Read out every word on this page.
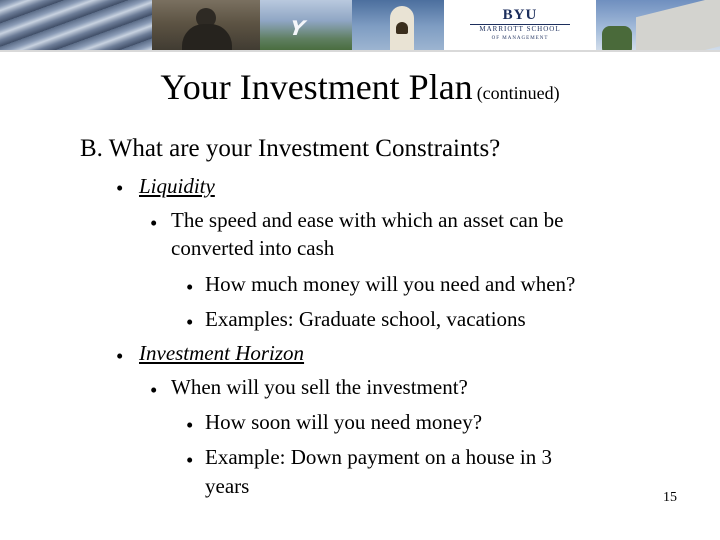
Y
BYU
MARRIOTT SCHOOL
OF MANAGEMENT
Your Investment Plan (continued)
B. What are your Investment Constraints?
• Liquidity
• The speed and ease with which an asset can be
converted into cash
• How much money will you need and when?
• Examples: Graduate school, vacations
• Investment Horizon
• When will you sell the investment?
• How soon will you need money?
• Example: Down payment on a house in 3
years	15
